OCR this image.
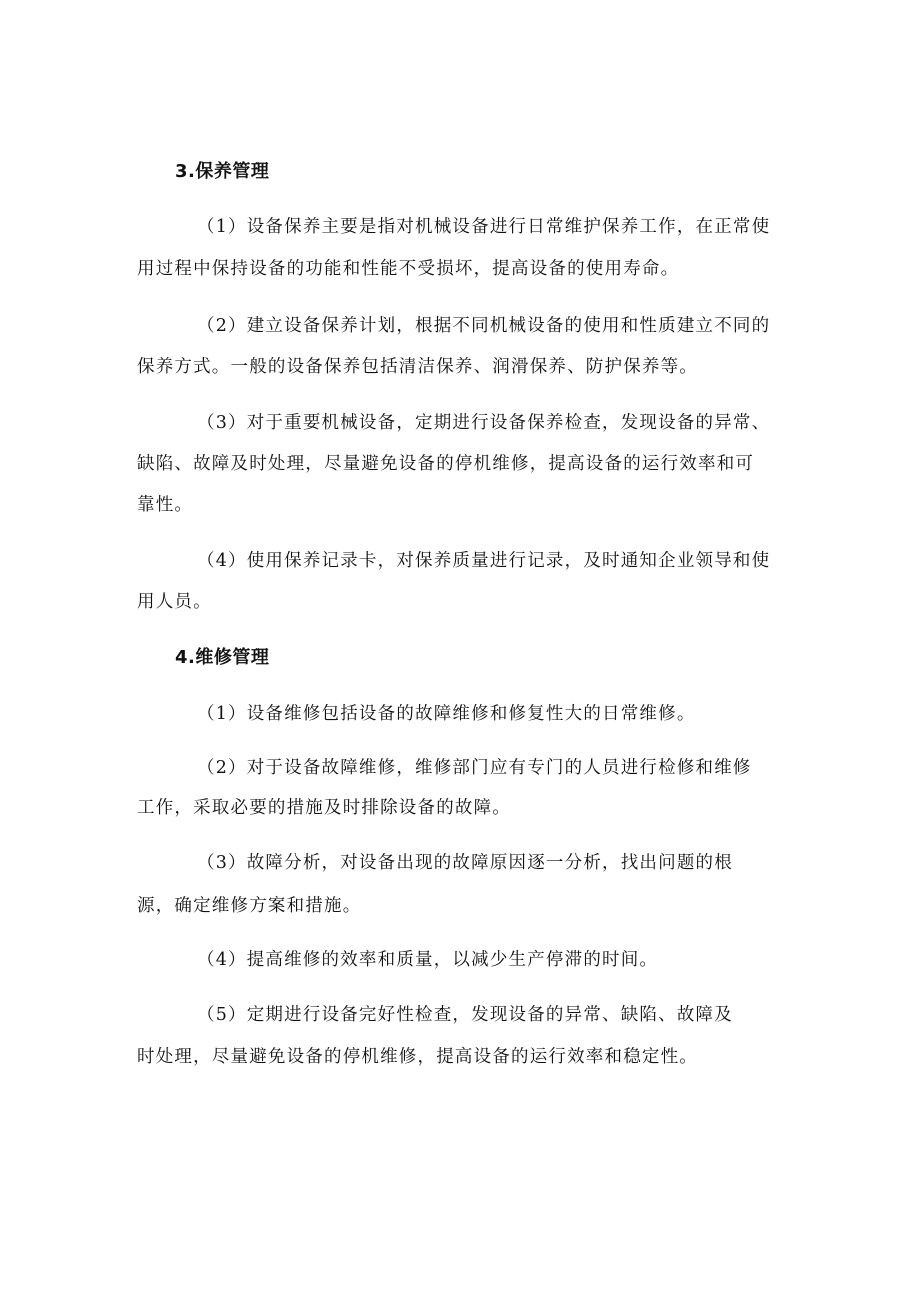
3.保养管理
（1）设备保养主要是指对机械设备进行日常维护保养工作，在正常使
用过程中保持设备的功能和性能不受损坏，提高设备的使用寿命。
（2）建立设备保养计划，根据不同机械设备的使用和性质建立不同的
保养方式。一般的设备保养包括清洁保养、润滑保养、防护保养等。
（3）对于重要机械设备，定期进行设备保养检查，发现设备的异常、
缺陷、故障及时处理，尽量避免设备的停机维修，提高设备的运行效率和可
靠性。
（4）使用保养记录卡，对保养质量进行记录，及时通知企业领导和使
用人员。
4.维修管理
（1）设备维修包括设备的故障维修和修复性大的日常维修。
（2）对于设备故障维修，维修部门应有专门的人员进行检修和维修
工作，采取必要的措施及时排除设备的故障。
（3）故障分析，对设备出现的故障原因逐一分析，找出问题的根
源，确定维修方案和措施。
（4）提高维修的效率和质量，以减少生产停滞的时间。
（5）定期进行设备完好性检查，发现设备的异常、缺陷、故障及
时处理，尽量避免设备的停机维修，提高设备的运行效率和稳定性。
